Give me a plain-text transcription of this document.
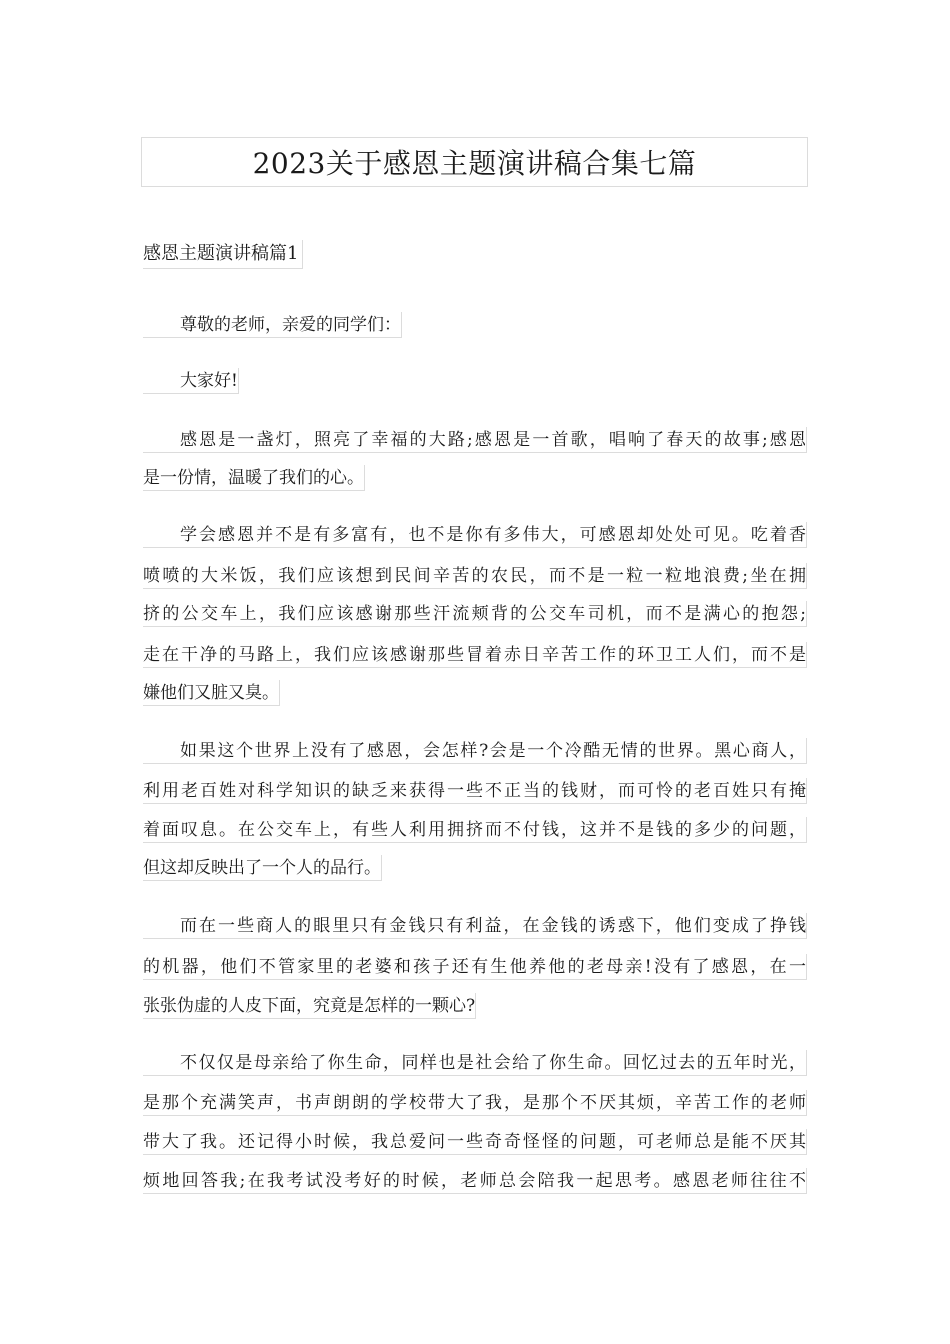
2023关于感恩主题演讲稿合集七篇
感恩主题演讲稿篇1
尊敬的老师，亲爱的同学们：
大家好!
感恩是一盏灯，照亮了幸福的大路;感恩是一首歌，唱响了春天的故事;感恩
是一份情，温暖了我们的心。
学会感恩并不是有多富有，也不是你有多伟大，可感恩却处处可见。吃着香
喷喷的大米饭，我们应该想到民间辛苦的农民，而不是一粒一粒地浪费;坐在拥
挤的公交车上，我们应该感谢那些汗流颊背的公交车司机，而不是满心的抱怨;
走在干净的马路上，我们应该感谢那些冒着赤日辛苦工作的环卫工人们，而不是
嫌他们又脏又臭。
如果这个世界上没有了感恩，会怎样?会是一个冷酷无情的世界。黑心商人，
利用老百姓对科学知识的缺乏来获得一些不正当的钱财，而可怜的老百姓只有掩
着面叹息。在公交车上，有些人利用拥挤而不付钱，这并不是钱的多少的问题，
但这却反映出了一个人的品行。
而在一些商人的眼里只有金钱只有利益，在金钱的诱惑下，他们变成了挣钱
的机器，他们不管家里的老婆和孩子还有生他养他的老母亲!没有了感恩，在一
张张伪虚的人皮下面，究竟是怎样的一颗心?
不仅仅是母亲给了你生命，同样也是社会给了你生命。回忆过去的五年时光，
是那个充满笑声，书声朗朗的学校带大了我，是那个不厌其烦，辛苦工作的老师
带大了我。还记得小时候，我总爱问一些奇奇怪怪的问题，可老师总是能不厌其
烦地回答我;在我考试没考好的时候，老师总会陪我一起思考。感恩老师往往不
